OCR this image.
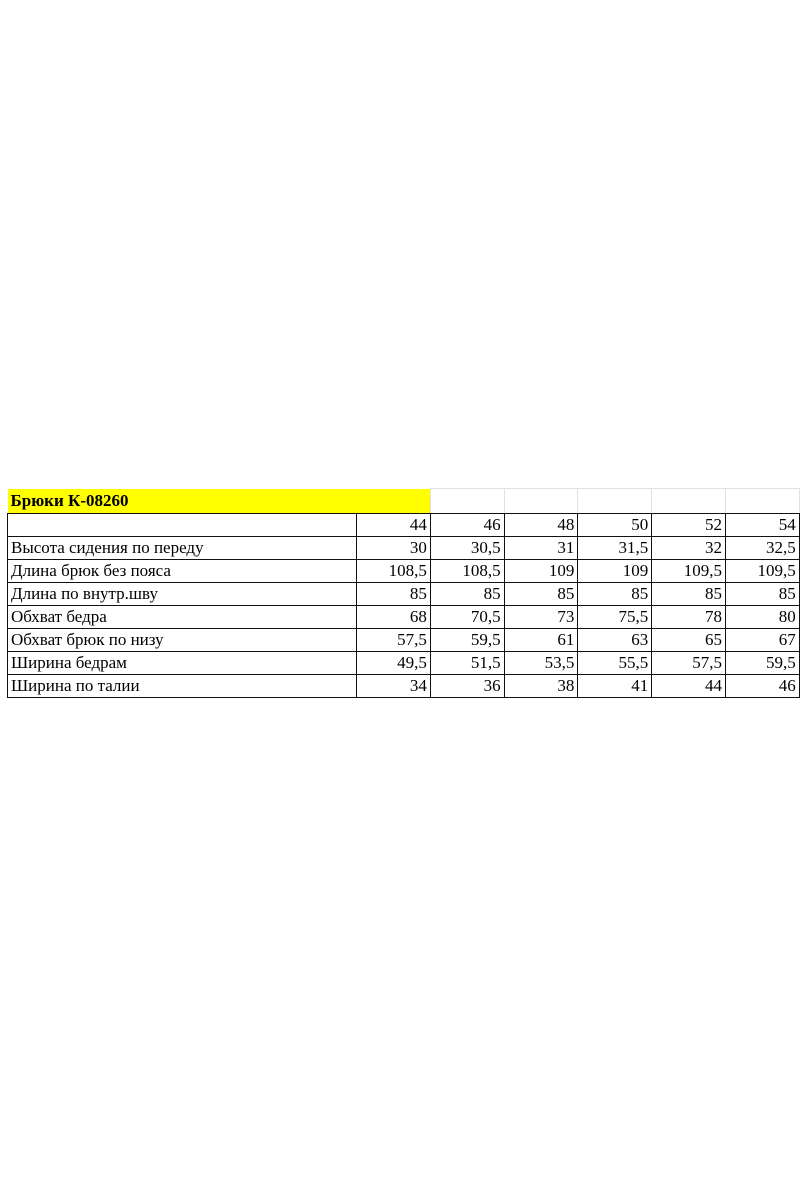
Брюки К-08260						
	44	46	48	50	52	54
Высота сидения по переду	30	30,5	31	31,5	32	32,5
Длина брюк без пояса	108,5	108,5	109	109	109,5	109,5
Длина по внутр.шву	85	85	85	85	85	85
Обхват бедра	68	70,5	73	75,5	78	80
Обхват брюк по низу	57,5	59,5	61	63	65	67
Ширина бедрам	49,5	51,5	53,5	55,5	57,5	59,5
Ширина по талии	34	36	38	41	44	46
